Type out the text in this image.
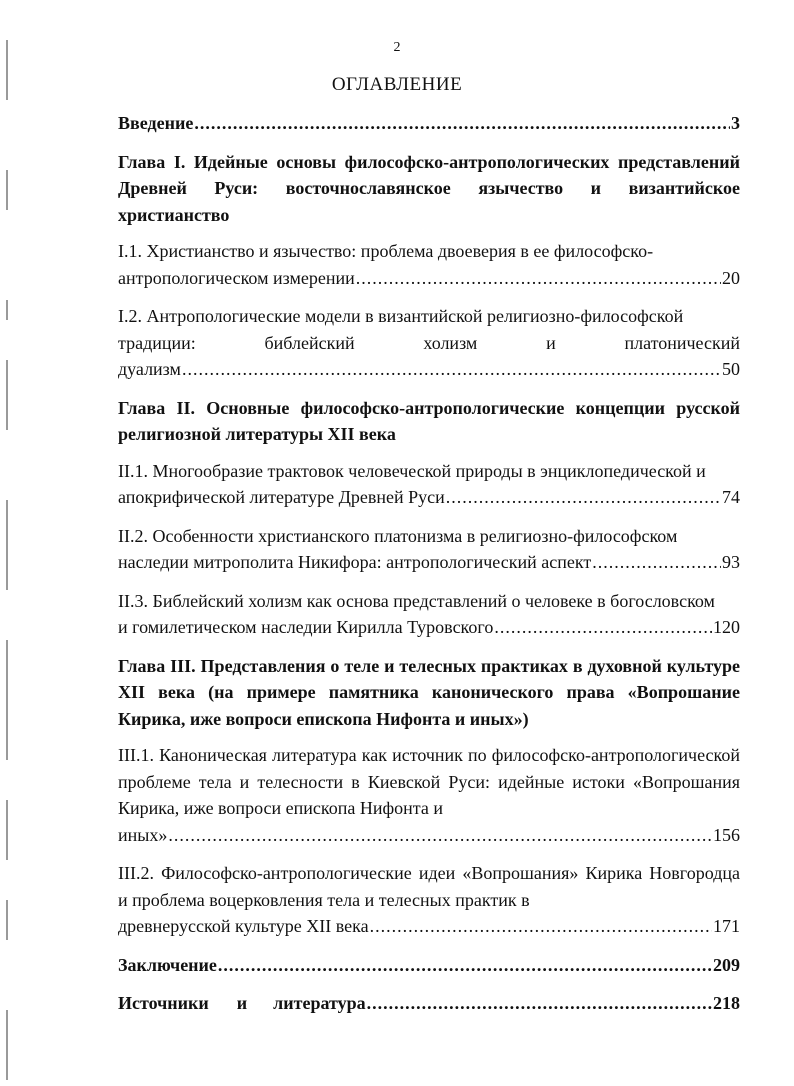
2
ОГЛАВЛЕНИЕ
Введение .....	3
Глава I. Идейные основы философско-антропологических представлений Древней Руси: восточнославянское язычество и византийское христианство
I.1. Христианство и язычество: проблема двоеверия в ее философско-
антропологическом измерении .....	20
I.2. Антропологические модели в византийской религиозно-философской
традиции:	библейский	холизм	и	платонический
дуализм .....	50
Глава II. Основные философско-антропологические концепции русской религиозной литературы XII века
II.1. Многообразие трактовок человеческой природы в энциклопедической и
апокрифической литературе Древней Руси .....	74
II.2. Особенности христианского платонизма в религиозно-философском
наследии митрополита Никифора: антропологический аспект .....	93
II.3. Библейский холизм как основа представлений о человеке в богословском
и гомилетическом наследии Кирилла Туровского .....	120
Глава III. Представления о теле и телесных практиках в духовной культуре XII века (на примере памятника канонического права «Вопрошание Кирика, иже вопроси епископа Нифонта и иных»)
III.1. Каноническая литература как источник по философско-антропологической проблеме тела и телесности в Киевской Руси: идейные истоки «Вопрошания Кирика, иже вопроси епископа Нифонта и
иных» .....	156
III.2. Философско-антропологические идеи «Вопрошания» Кирика Новгородца и проблема воцерковления тела и телесных практик в
древнерусской культуре XII века .....	171
Заключение .....	209
Источники и литература .....	218
